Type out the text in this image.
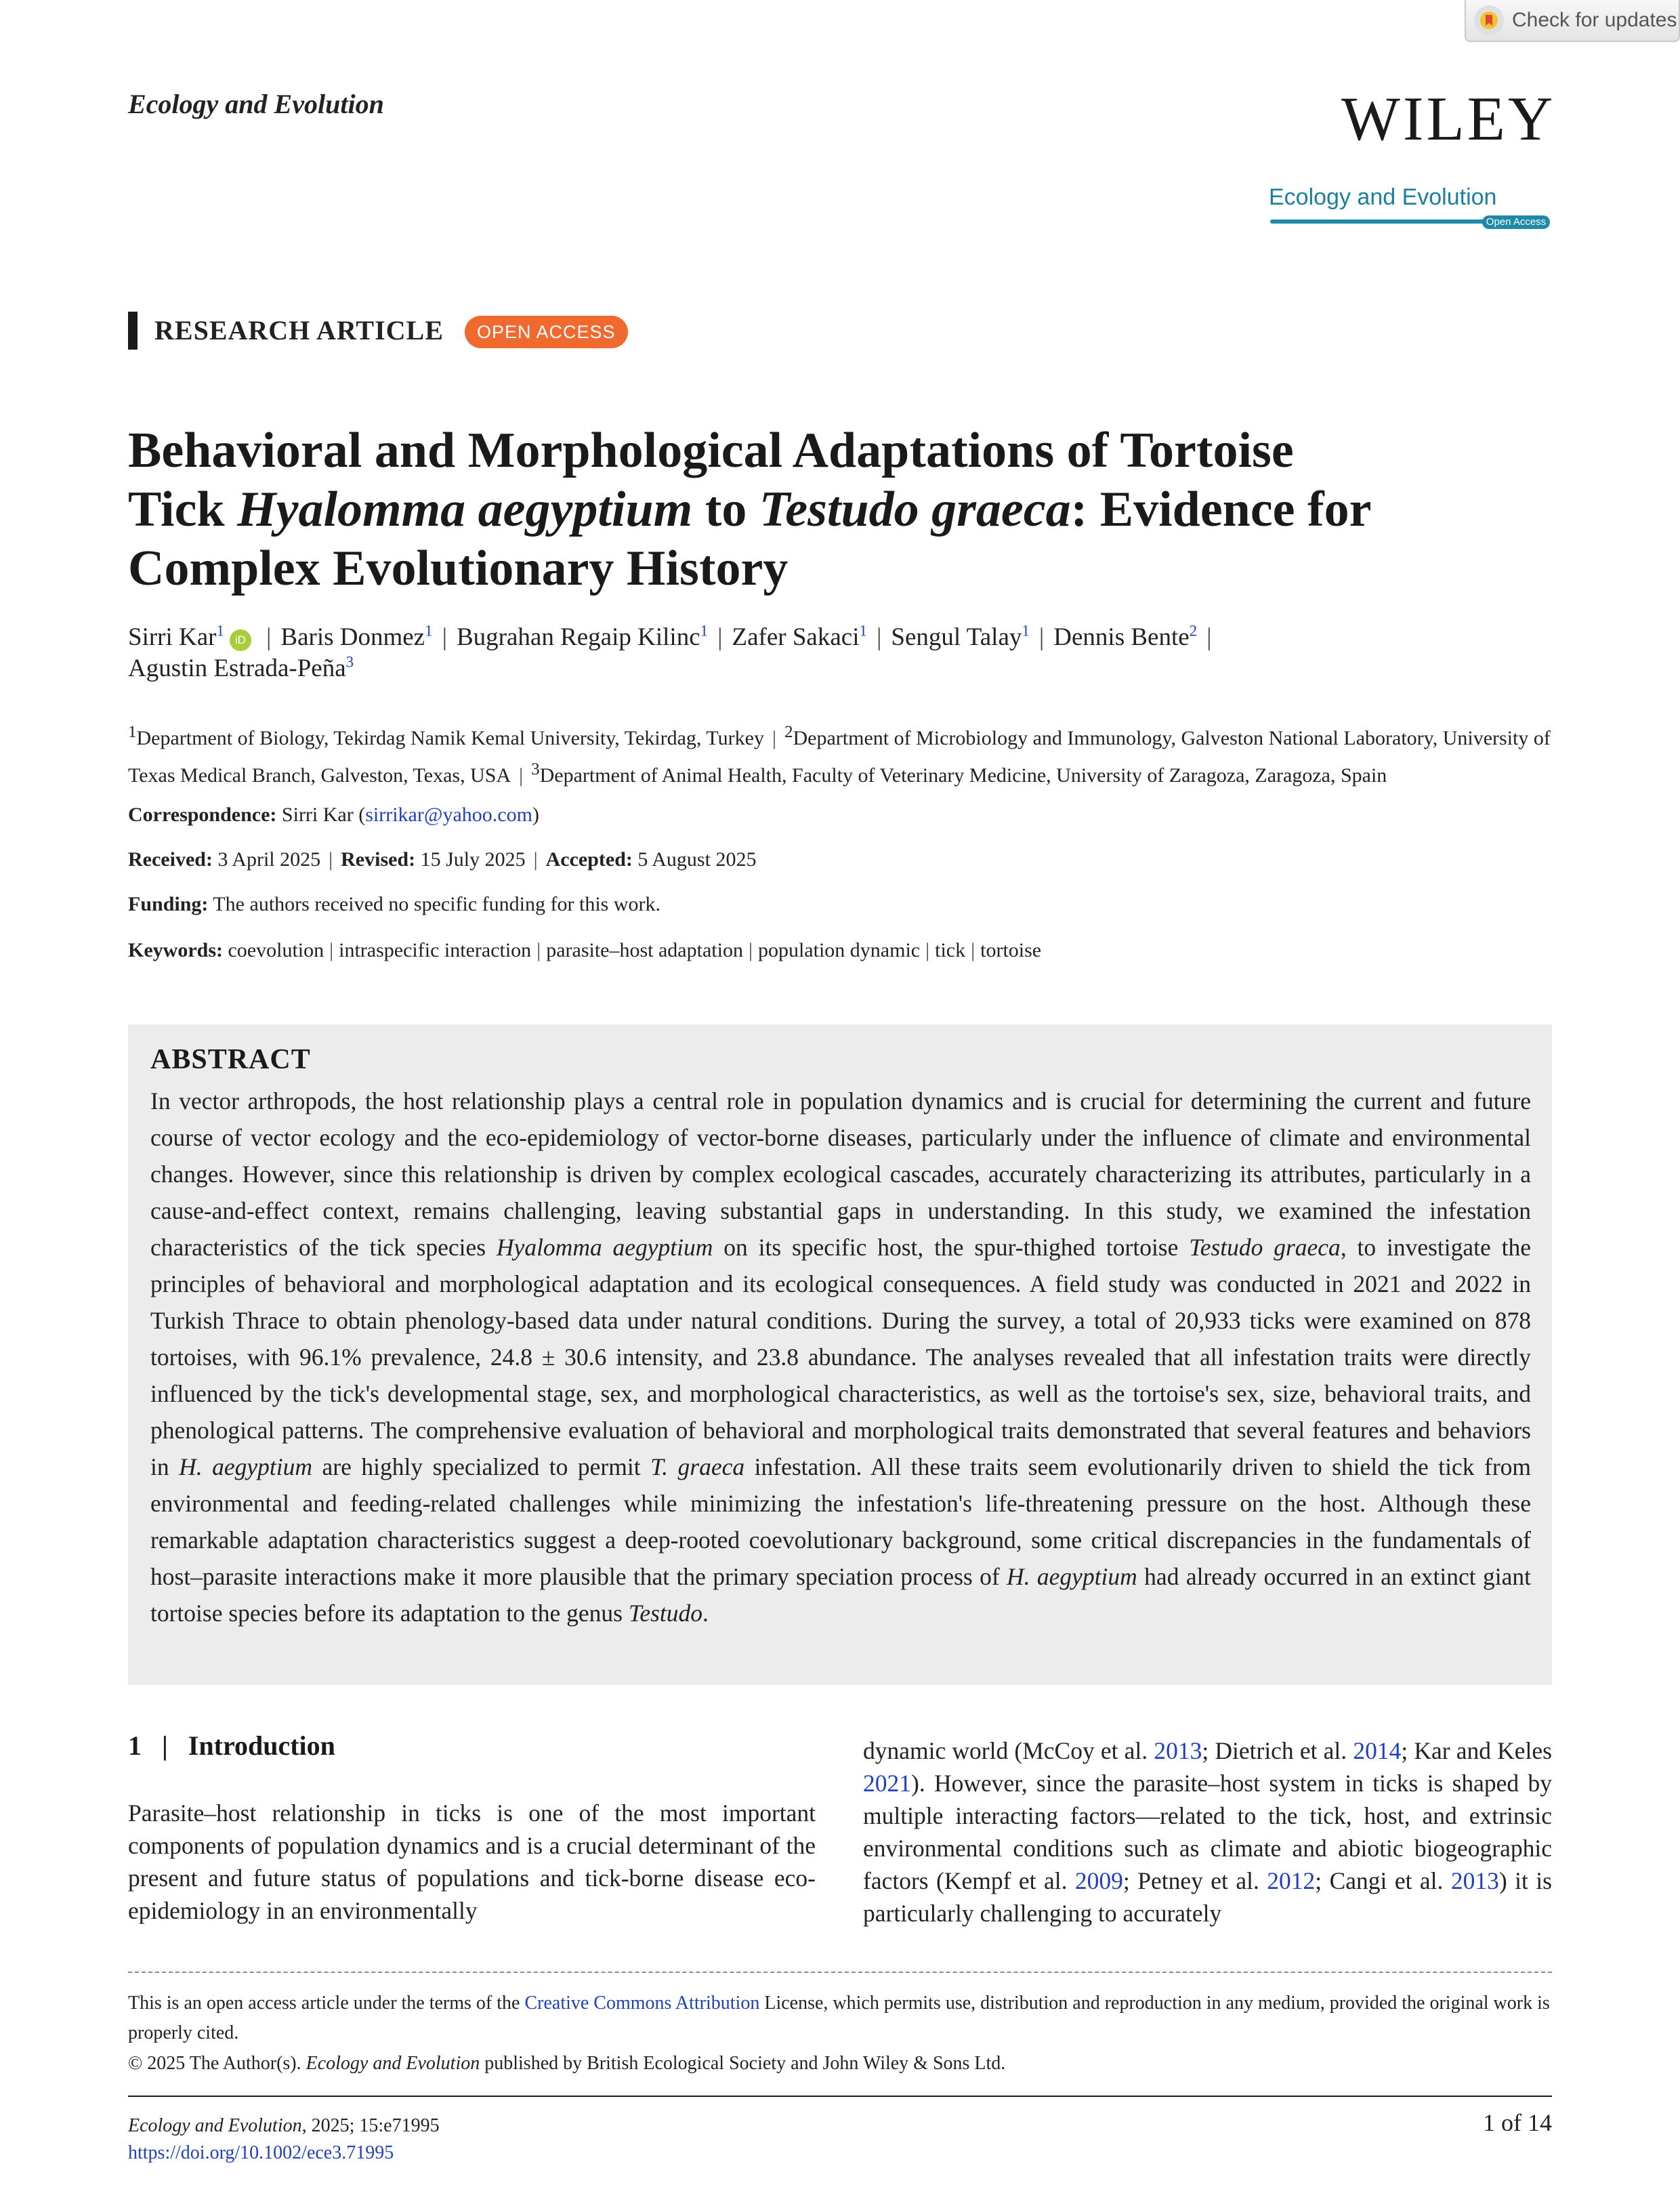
Check for updates
Ecology and Evolution	WILEY
Ecology and Evolution
Open Access
RESEARCH ARTICLE	OPEN ACCESS
Behavioral and Morphological Adaptations of Tortoise
Tick Hyalomma aegyptium to Testudo graeca: Evidence for
Complex Evolutionary History
Sirri Kar$^1$iD | Baris Donmez$^1$ | Bugrahan Regaip Kilinc$^1$ | Zafer Sakaci$^1$ | Sengul Talay$^1$ | Dennis Bente$^2$ |
Agustin Estrada-Peña$^3$
$^1$Department of Biology, Tekirdag Namik Kemal University, Tekirdag, Turkey | $^2$Department of Microbiology and Immunology, Galveston National Laboratory, University of Texas Medical Branch, Galveston, Texas, USA | $^3$Department of Animal Health, Faculty of Veterinary Medicine, University of Zaragoza, Zaragoza, Spain
Correspondence: Sirri Kar (sirrikar@yahoo.com)
Received: 3 April 2025 | Revised: 15 July 2025 | Accepted: 5 August 2025
Funding: The authors received no specific funding for this work.
Keywords: coevolution | intraspecific interaction | parasite–host adaptation | population dynamic | tick | tortoise
ABSTRACT
In vector arthropods, the host relationship plays a central role in population dynamics and is crucial for determining the current and future course of vector ecology and the eco-epidemiology of vector-borne diseases, particularly under the influence of climate and environmental changes. However, since this relationship is driven by complex ecological cascades, accurately characterizing its attributes, particularly in a cause-and-effect context, remains challenging, leaving substantial gaps in understanding. In this study, we examined the infestation characteristics of the tick species Hyalomma aegyptium on its specific host, the spur-thighed tortoise Testudo graeca, to investigate the principles of behavioral and morphological adaptation and its ecological consequences. A field study was conducted in 2021 and 2022 in Turkish Thrace to obtain phenology-based data under natural conditions. During the survey, a total of 20,933 ticks were examined on 878 tortoises, with 96.1% prevalence, 24.8 ± 30.6 intensity, and 23.8 abundance. The analyses revealed that all infestation traits were directly influenced by the tick's developmental stage, sex, and morphological characteristics, as well as the tortoise's sex, size, behavioral traits, and phenological patterns. The comprehensive evaluation of behavioral and morphological traits demonstrated that several features and behaviors in H. aegyptium are highly specialized to permit T. graeca infestation. All these traits seem evolutionarily driven to shield the tick from environmental and feeding-related challenges while minimizing the infestation's life-threatening pressure on the host. Although these remarkable adaptation characteristics suggest a deep-rooted coevolutionary background, some critical discrepancies in the fundamentals of host–parasite interactions make it more plausible that the primary speciation process of H. aegyptium had already occurred in an extinct giant tortoise species before its adaptation to the genus Testudo.
1   |   Introduction
Parasite–host relationship in ticks is one of the most important components of population dynamics and is a crucial determinant of the present and future status of populations and tick-borne disease eco-epidemiology in an environmentally
dynamic world (McCoy et al. 2013; Dietrich et al. 2014; Kar and Keles 2021). However, since the parasite–host system in ticks is shaped by multiple interacting factors—related to the tick, host, and extrinsic environmental conditions such as climate and abiotic biogeographic factors (Kempf et al. 2009; Petney et al. 2012; Cangi et al. 2013) it is particularly challenging to accurately
This is an open access article under the terms of the Creative Commons Attribution License, which permits use, distribution and reproduction in any medium, provided the original work is properly cited.
© 2025 The Author(s). Ecology and Evolution published by British Ecological Society and John Wiley & Sons Ltd.
Ecology and Evolution, 2025; 15:e71995
https://doi.org/10.1002/ece3.71995
1 of 14
